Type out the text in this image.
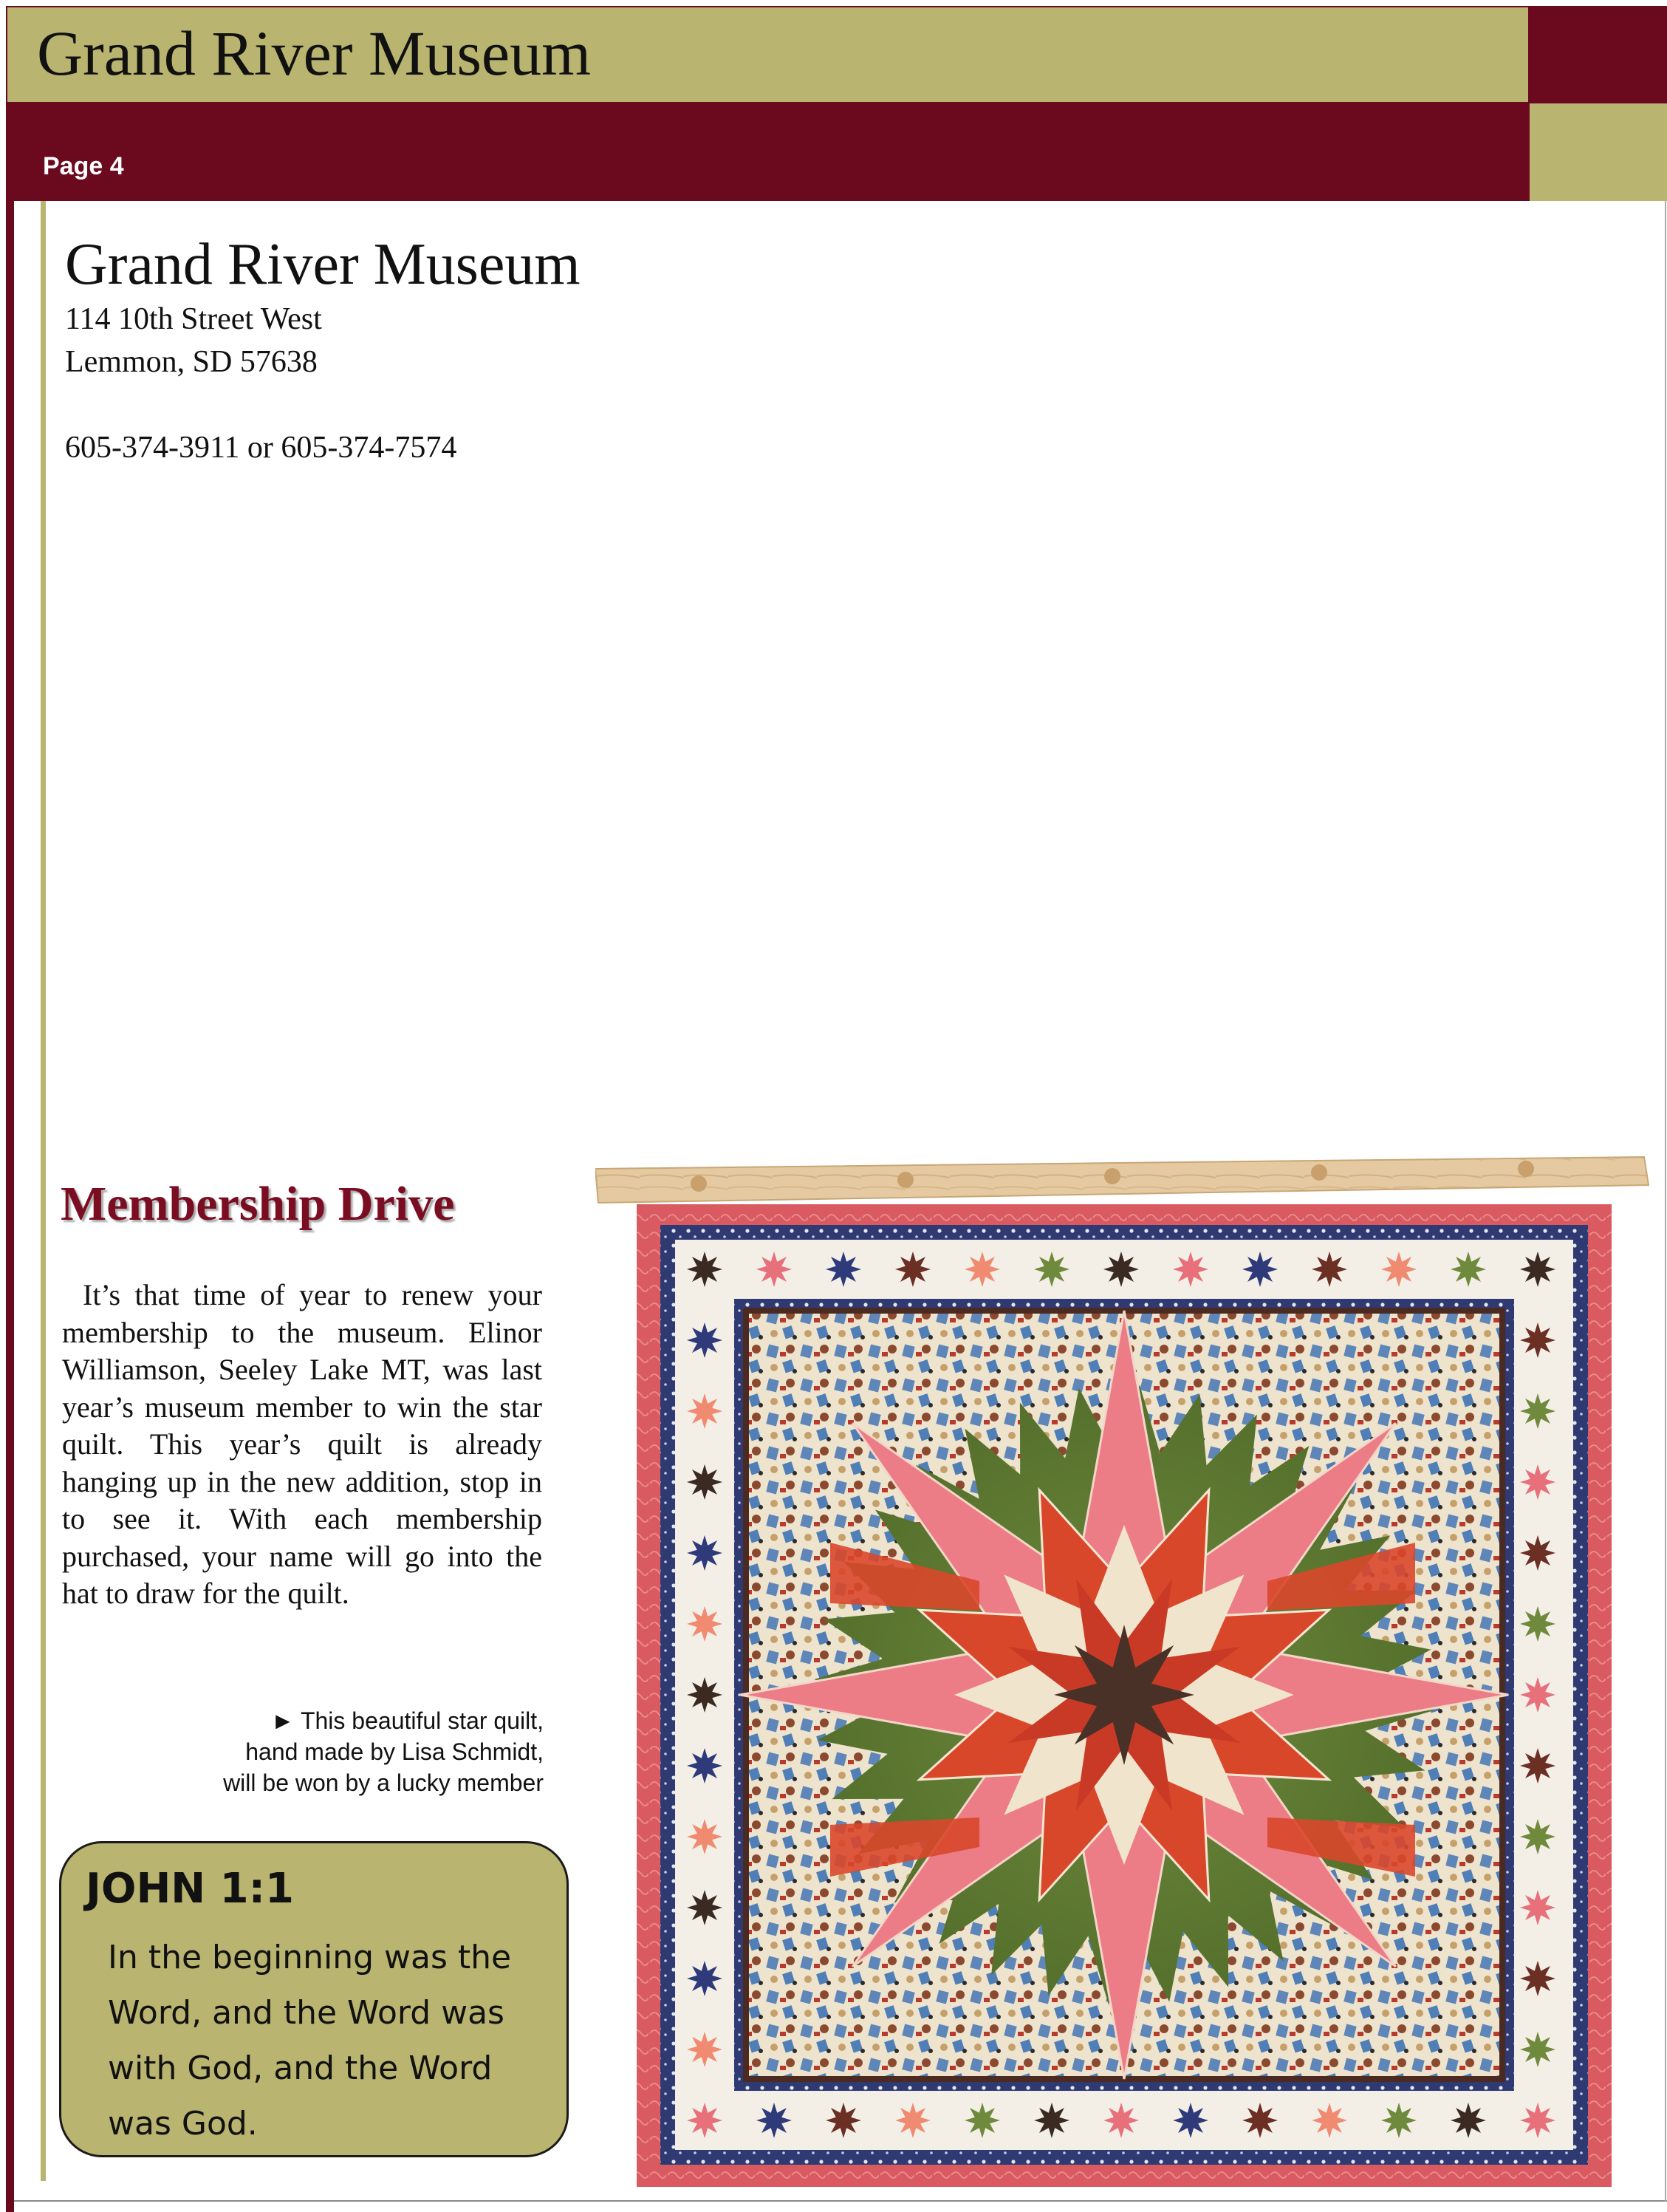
Grand River Museum
Page 4
Grand River Museum
114 10th Street West
Lemmon, SD 57638
605-374-3911 or 605-374-7574
Membership Drive

It’s that time of year to renew your membership to the museum. Elinor Williamson, Seeley Lake MT, was last year’s museum member to win the star quilt. This year’s quilt is already hanging up in the new addition, stop in to see it. With each membership purchased, your name will go into the hat to draw for the quilt.

► This beautiful star quilt,
hand made by Lisa Schmidt,
will be won by a lucky member

JOHN 1:1

In the beginning was the
Word, and the Word was
with God, and the Word
was God.
